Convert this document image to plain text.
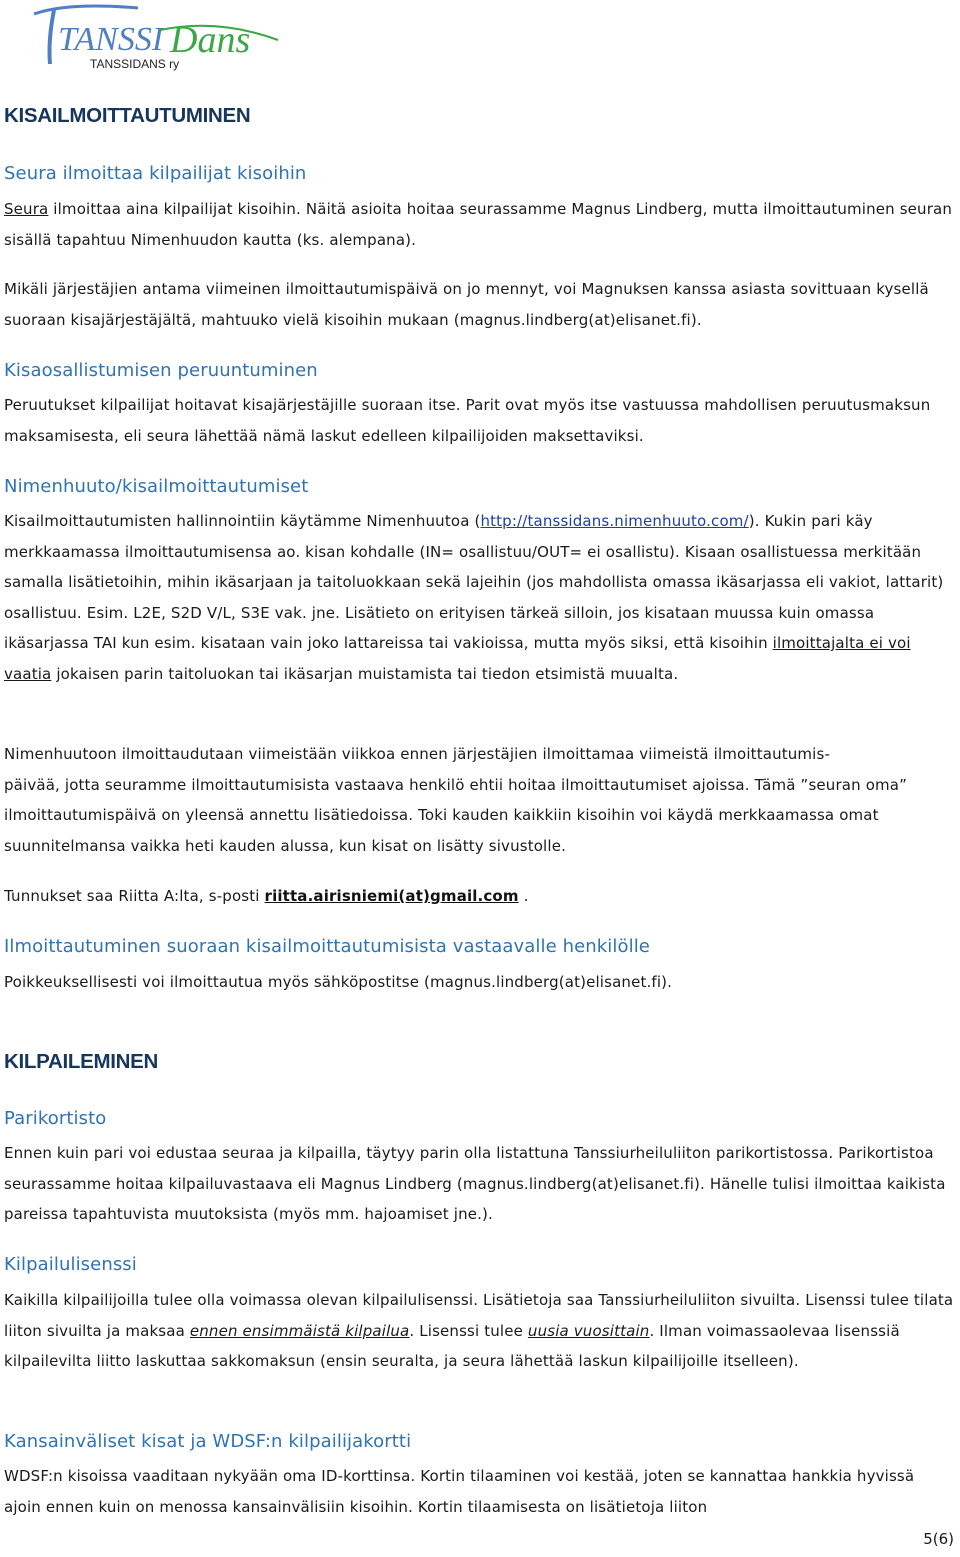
TANSSI Dans
TANSSIDANS ry
KISAILMOITTAUTUMINEN
Seura ilmoittaa kilpailijat kisoihin

Seura ilmoittaa aina kilpailijat kisoihin. Näitä asioita hoitaa seurassamme Magnus Lindberg, mutta ilmoittautuminen seuran sisällä tapahtuu Nimenhuudon kautta (ks. alempana).

Mikäli järjestäjien antama viimeinen ilmoittautumispäivä on jo mennyt, voi Magnuksen kanssa asiasta sovittuaan kysellä suoraan kisajärjestäjältä, mahtuuko vielä kisoihin mukaan (magnus.lindberg(at)elisanet.fi).

Kisaosallistumisen peruuntuminen

Peruutukset kilpailijat hoitavat kisajärjestäjille suoraan itse. Parit ovat myös itse vastuussa mahdollisen peruutusmaksun maksamisesta, eli seura lähettää nämä laskut edelleen kilpailijoiden maksettaviksi.

Nimenhuuto/kisailmoittautumiset

Kisailmoittautumisten hallinnointiin käytämme Nimenhuutoa (http://tanssidans.nimenhuuto.com/). Kukin pari käy merkkaamassa ilmoittautumisensa ao. kisan kohdalle (IN= osallistuu/OUT= ei osallistu). Kisaan osallistuessa merkitään samalla lisätietoihin, mihin ikäsarjaan ja taitoluokkaan sekä lajeihin (jos mahdollista omassa ikäsarjassa eli vakiot, lattarit) osallistuu. Esim. L2E, S2D V/L, S3E vak. jne. Lisätieto on erityisen tärkeä silloin, jos kisataan muussa kuin omassa ikäsarjassa TAI kun esim. kisataan vain joko lattareissa tai vakioissa, mutta myös siksi, että kisoihin ilmoittajalta ei voi vaatia jokaisen parin taitoluokan tai ikäsarjan muistamista tai tiedon etsimistä muualta.

Nimenhuutoon ilmoittaudutaan viimeistään viikkoa ennen järjestäjien ilmoittamaa viimeistä ilmoittautumis-
päivää, jotta seuramme ilmoittautumisista vastaava henkilö ehtii hoitaa ilmoittautumiset ajoissa. Tämä ”seuran oma” ilmoittautumispäivä on yleensä annettu lisätiedoissa. Toki kauden kaikkiin kisoihin voi käydä merkkaamassa omat suunnitelmansa vaikka heti kauden alussa, kun kisat on lisätty sivustolle.

Tunnukset saa Riitta A:lta, s-posti riitta.airisniemi(at)gmail.com .

Ilmoittautuminen suoraan kisailmoittautumisista vastaavalle henkilölle

Poikkeuksellisesti voi ilmoittautua myös sähköpostitse (magnus.lindberg(at)elisanet.fi).

KILPAILEMINEN
Parikortisto

Ennen kuin pari voi edustaa seuraa ja kilpailla, täytyy parin olla listattuna Tanssiurheiluliiton parikortistossa. Parikortistoa seurassamme hoitaa kilpailuvastaava eli Magnus Lindberg (magnus.lindberg(at)elisanet.fi). Hänelle tulisi ilmoittaa kaikista pareissa tapahtuvista muutoksista (myös mm. hajoamiset jne.).

Kilpailulisenssi

Kaikilla kilpailijoilla tulee olla voimassa olevan kilpailulisenssi. Lisätietoja saa Tanssiurheiluliiton sivuilta. Lisenssi tulee tilata liiton sivuilta ja maksaa ennen ensimmäistä kilpailua. Lisenssi tulee uusia vuosittain. Ilman voimassaolevaa lisenssiä kilpailevilta liitto laskuttaa sakkomaksun (ensin seuralta, ja seura lähettää laskun kilpailijoille itselleen).

Kansainväliset kisat ja WDSF:n kilpailijakortti

WDSF:n kisoissa vaaditaan nykyään oma ID-korttinsa. Kortin tilaaminen voi kestää, joten se kannattaa hankkia hyvissä ajoin ennen kuin on menossa kansainvälisiin kisoihin. Kortin tilaamisesta on lisätietoja liiton

5(6)
